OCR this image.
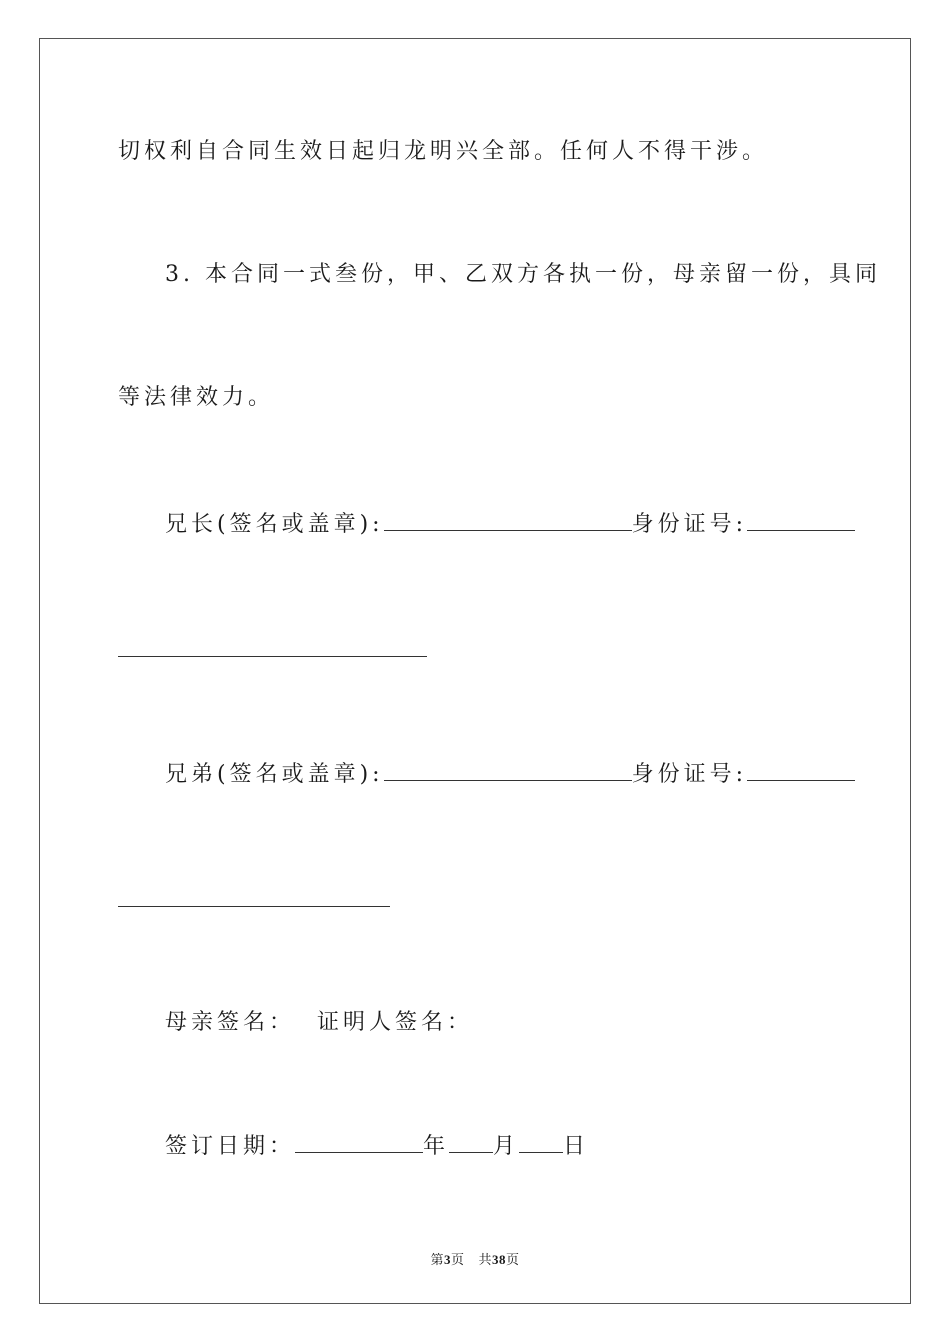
切权利自合同生效日起归龙明兴全部。任何人不得干涉。
3. 本合同一式叁份，甲、乙双方各执一份，母亲留一份，具同
等法律效力。
兄长(签名或盖章):	身份证号:
兄弟(签名或盖章):	身份证号:
母亲签名：  证明人签名：
签订日期：	年 月 日
第3页 共38页
